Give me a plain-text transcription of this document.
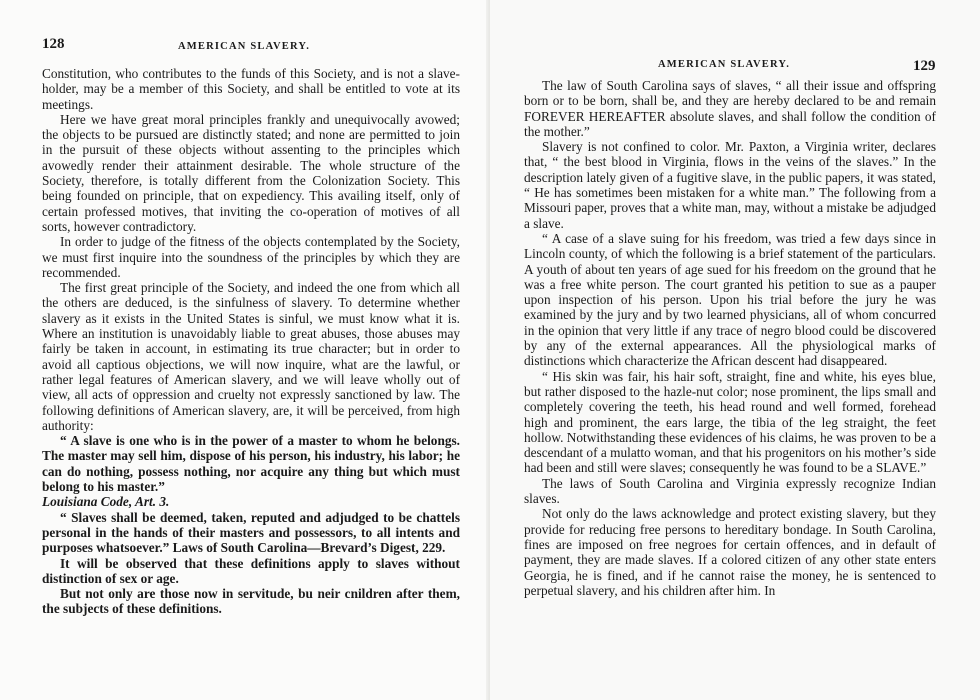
128	AMERICAN SLAVERY.

Constitution, who contributes to the funds of this Society, and is not a slave-holder, may be a member of this Society, and shall be entitled to vote at its meetings.

Here we have great moral principles frankly and unequivocally avowed; the objects to be pursued are distinctly stated; and none are permitted to join in the pursuit of these objects without assenting to the principles which avowedly render their attainment desirable. The whole structure of the Society, therefore, is totally different from the Colonization Society. This being founded on principle, that on expediency. This availing itself, only of certain professed motives, that inviting the co-operation of motives of all sorts, however contradictory.

In order to judge of the fitness of the objects contemplated by the Society, we must first inquire into the soundness of the principles by which they are recommended.

The first great principle of the Society, and indeed the one from which all the others are deduced, is the sinfulness of slavery. To determine whether slavery as it exists in the United States is sinful, we must know what it is. Where an institution is unavoidably liable to great abuses, those abuses may fairly be taken in account, in estimating its true character; but in order to avoid all captious objections, we will now inquire, what are the lawful, or rather legal features of American slavery, and we will leave wholly out of view, all acts of oppression and cruelty not expressly sanctioned by law. The following definitions of American slavery, are, it will be perceived, from high authority:

“ A slave is one who is in the power of a master to whom he belongs. The master may sell him, dispose of his person, his industry, his labor; he can do nothing, possess nothing, nor acquire any thing but which must belong to his master.”

Louisiana Code, Art. 3.

“ Slaves shall be deemed, taken, reputed and adjudged to be chattels personal in the hands of their masters and possessors, to all intents and purposes whatsoever.” Laws of South Carolina—Brevard’s Digest, 229.

It will be observed that these definitions apply to slaves without distinction of sex or age.

But not only are those now in servitude, bu neir cnildren after them, the subjects of these definitions.

AMERICAN SLAVERY.	129

The law of South Carolina says of slaves, “ all their issue and offspring born or to be born, shall be, and they are hereby declared to be and remain FOREVER HEREAFTER absolute slaves, and shall follow the condition of the mother.”

Slavery is not confined to color. Mr. Paxton, a Virginia writer, declares that, “ the best blood in Virginia, flows in the veins of the slaves.” In the description lately given of a fugitive slave, in the public papers, it was stated, “ He has sometimes been mistaken for a white man.” The following from a Missouri paper, proves that a white man, may, without a mistake be adjudged a slave.

“ A case of a slave suing for his freedom, was tried a few days since in Lincoln county, of which the following is a brief statement of the particulars. A youth of about ten years of age sued for his freedom on the ground that he was a free white person. The court granted his petition to sue as a pauper upon inspection of his person. Upon his trial before the jury he was examined by the jury and by two learned physicians, all of whom concurred in the opinion that very little if any trace of negro blood could be discovered by any of the external appearances. All the physiological marks of distinctions which characterize the African descent had disappeared.

“ His skin was fair, his hair soft, straight, fine and white, his eyes blue, but rather disposed to the hazle-nut color; nose prominent, the lips small and completely covering the teeth, his head round and well formed, forehead high and prominent, the ears large, the tibia of the leg straight, the feet hollow. Notwithstanding these evidences of his claims, he was proven to be a descendant of a mulatto woman, and that his progenitors on his mother’s side had been and still were slaves; consequently he was found to be a SLAVE.”

The laws of South Carolina and Virginia expressly recognize Indian slaves.

Not only do the laws acknowledge and protect existing slavery, but they provide for reducing free persons to hereditary bondage. In South Carolina, fines are imposed on free negroes for certain offences, and in default of payment, they are made slaves. If a colored citizen of any other state enters Georgia, he is fined, and if he cannot raise the money, he is sentenced to perpetual slavery, and his children after him. In
